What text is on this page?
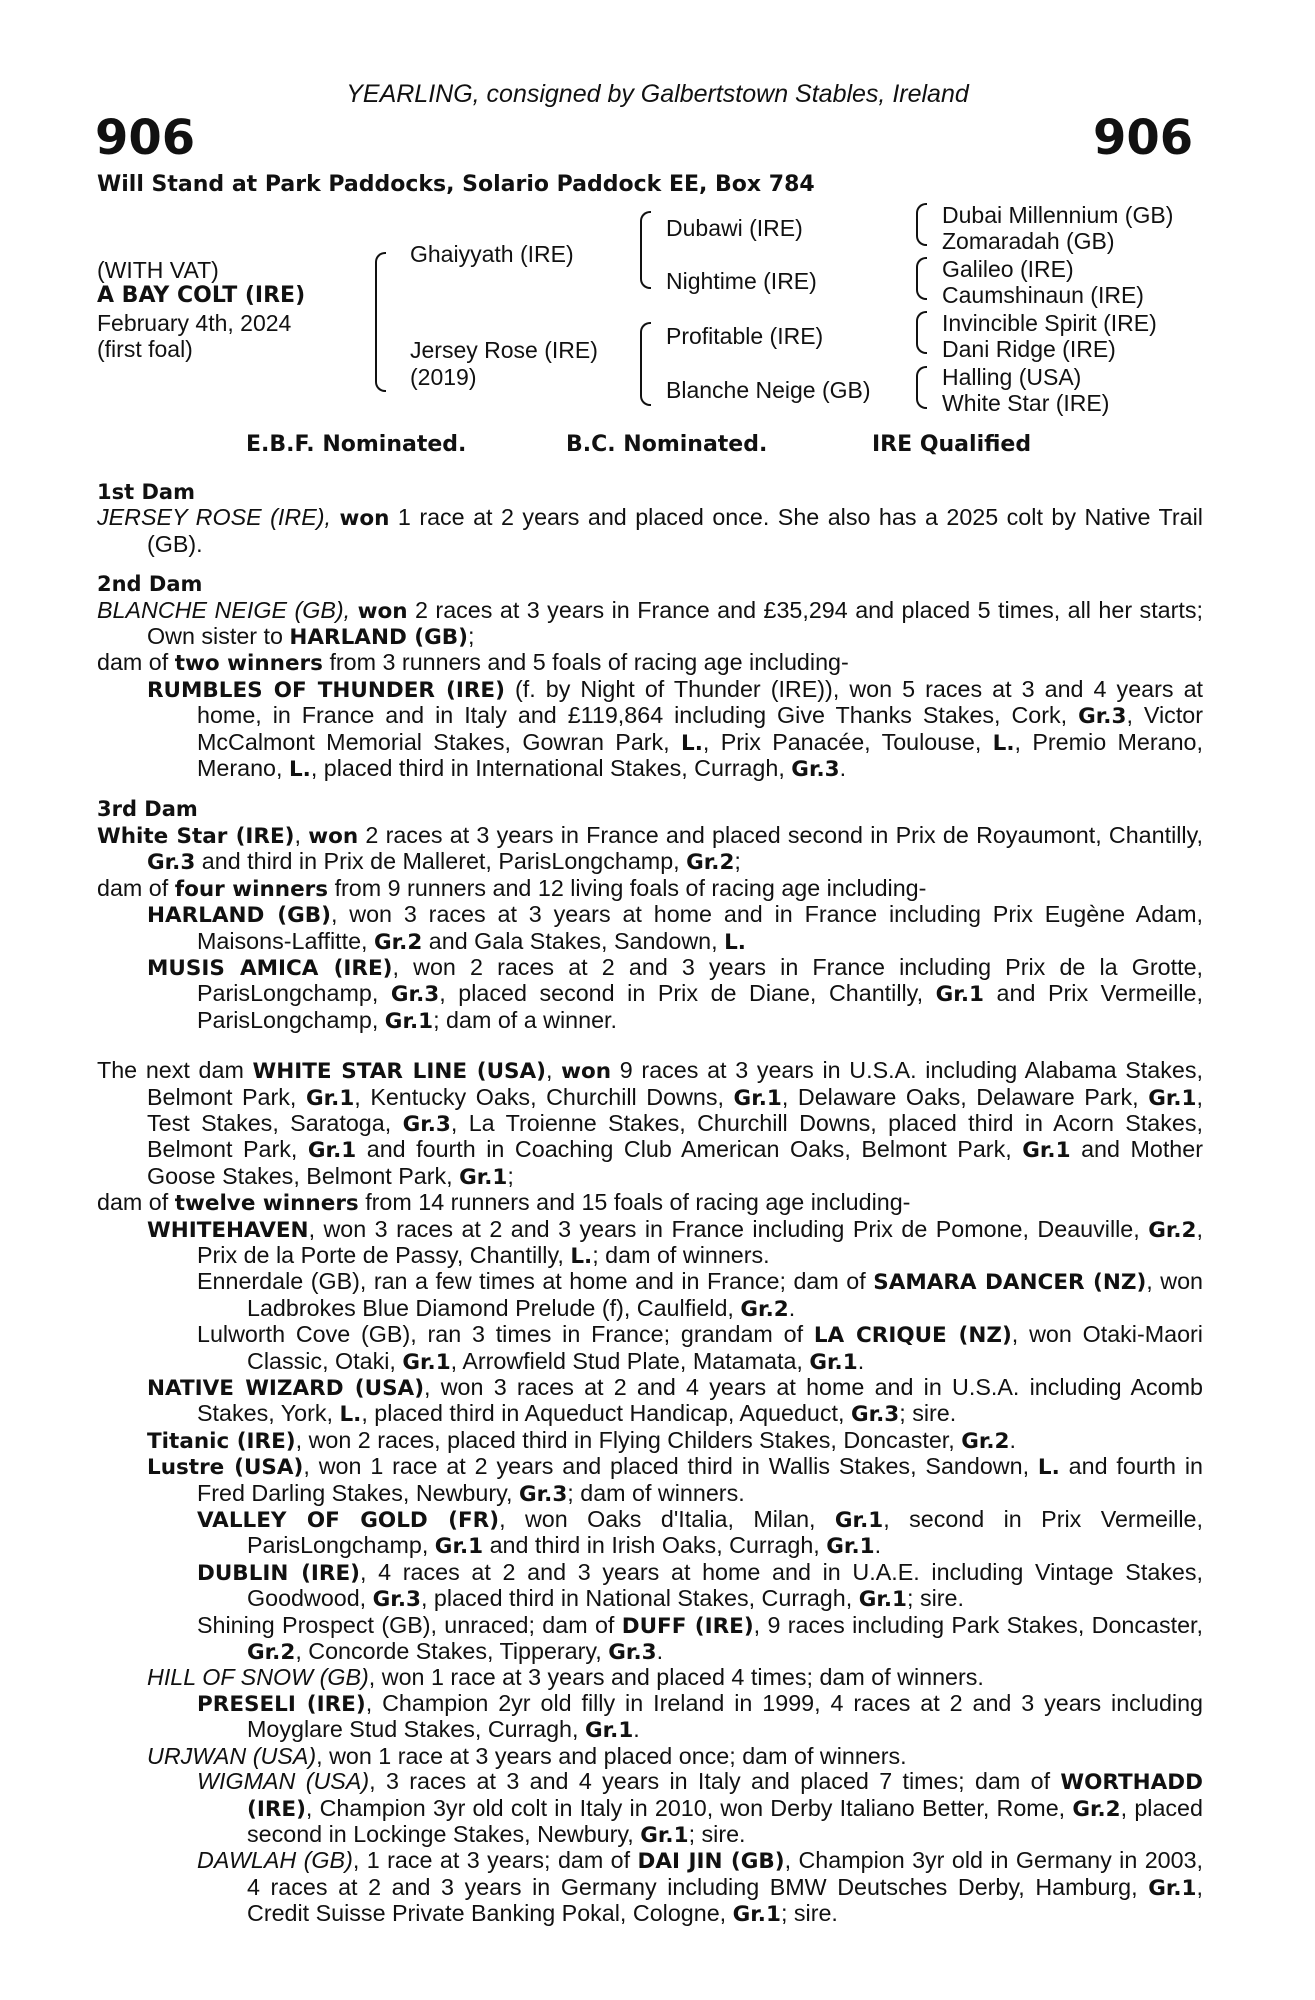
YEARLING, consigned by Galbertstown Stables, Ireland
906	906
Will Stand at Park Paddocks, Solario Paddock EE, Box 784
(WITH VAT)
A BAY COLT (IRE)
February 4th, 2024
(first foal)
Ghaiyyath (IRE)
Jersey Rose (IRE)
(2019)
Dubawi (IRE)
Nightime (IRE)
Profitable (IRE)
Blanche Neige (GB)
Dubai Millennium (GB)
Zomaradah (GB)
Galileo (IRE)
Caumshinaun (IRE)
Invincible Spirit (IRE)
Dani Ridge (IRE)
Halling (USA)
White Star (IRE)
E.B.F. Nominated.	B.C. Nominated.	IRE Qualified
1st Dam
JERSEY ROSE (IRE), won 1 race at 2 years and placed once. She also has a 2025 colt by Native Trail (GB).
2nd Dam
BLANCHE NEIGE (GB), won 2 races at 3 years in France and £35,294 and placed 5 times, all her starts; Own sister to HARLAND (GB);
dam of two winners from 3 runners and 5 foals of racing age including-
RUMBLES OF THUNDER (IRE) (f. by Night of Thunder (IRE)), won 5 races at 3 and 4 years at home, in France and in Italy and £119,864 including Give Thanks Stakes, Cork, Gr.3, Victor McCalmont Memorial Stakes, Gowran Park, L., Prix Panacée, Toulouse, L., Premio Merano, Merano, L., placed third in International Stakes, Curragh, Gr.3.
3rd Dam
White Star (IRE), won 2 races at 3 years in France and placed second in Prix de Royaumont, Chantilly, Gr.3 and third in Prix de Malleret, ParisLongchamp, Gr.2;
dam of four winners from 9 runners and 12 living foals of racing age including-
HARLAND (GB), won 3 races at 3 years at home and in France including Prix Eugène Adam, Maisons-Laffitte, Gr.2 and Gala Stakes, Sandown, L.
MUSIS AMICA (IRE), won 2 races at 2 and 3 years in France including Prix de la Grotte, ParisLongchamp, Gr.3, placed second in Prix de Diane, Chantilly, Gr.1 and Prix Vermeille, ParisLongchamp, Gr.1; dam of a winner.
The next dam WHITE STAR LINE (USA), won 9 races at 3 years in U.S.A. including Alabama Stakes, Belmont Park, Gr.1, Kentucky Oaks, Churchill Downs, Gr.1, Delaware Oaks, Delaware Park, Gr.1, Test Stakes, Saratoga, Gr.3, La Troienne Stakes, Churchill Downs, placed third in Acorn Stakes, Belmont Park, Gr.1 and fourth in Coaching Club American Oaks, Belmont Park, Gr.1 and Mother Goose Stakes, Belmont Park, Gr.1;
dam of twelve winners from 14 runners and 15 foals of racing age including-
WHITEHAVEN, won 3 races at 2 and 3 years in France including Prix de Pomone, Deauville, Gr.2, Prix de la Porte de Passy, Chantilly, L.; dam of winners.
Ennerdale (GB), ran a few times at home and in France; dam of SAMARA DANCER (NZ), won Ladbrokes Blue Diamond Prelude (f), Caulfield, Gr.2.
Lulworth Cove (GB), ran 3 times in France; grandam of LA CRIQUE (NZ), won Otaki-Maori Classic, Otaki, Gr.1, Arrowfield Stud Plate, Matamata, Gr.1.
NATIVE WIZARD (USA), won 3 races at 2 and 4 years at home and in U.S.A. including Acomb Stakes, York, L., placed third in Aqueduct Handicap, Aqueduct, Gr.3; sire.
Titanic (IRE), won 2 races, placed third in Flying Childers Stakes, Doncaster, Gr.2.
Lustre (USA), won 1 race at 2 years and placed third in Wallis Stakes, Sandown, L. and fourth in Fred Darling Stakes, Newbury, Gr.3; dam of winners.
VALLEY OF GOLD (FR), won Oaks d'Italia, Milan, Gr.1, second in Prix Vermeille, ParisLongchamp, Gr.1 and third in Irish Oaks, Curragh, Gr.1.
DUBLIN (IRE), 4 races at 2 and 3 years at home and in U.A.E. including Vintage Stakes, Goodwood, Gr.3, placed third in National Stakes, Curragh, Gr.1; sire.
Shining Prospect (GB), unraced; dam of DUFF (IRE), 9 races including Park Stakes, Doncaster, Gr.2, Concorde Stakes, Tipperary, Gr.3.
HILL OF SNOW (GB), won 1 race at 3 years and placed 4 times; dam of winners.
PRESELI (IRE), Champion 2yr old filly in Ireland in 1999, 4 races at 2 and 3 years including Moyglare Stud Stakes, Curragh, Gr.1.
URJWAN (USA), won 1 race at 3 years and placed once; dam of winners.
WIGMAN (USA), 3 races at 3 and 4 years in Italy and placed 7 times; dam of WORTHADD (IRE), Champion 3yr old colt in Italy in 2010, won Derby Italiano Better, Rome, Gr.2, placed second in Lockinge Stakes, Newbury, Gr.1; sire.
DAWLAH (GB), 1 race at 3 years; dam of DAI JIN (GB), Champion 3yr old in Germany in 2003, 4 races at 2 and 3 years in Germany including BMW Deutsches Derby, Hamburg, Gr.1, Credit Suisse Private Banking Pokal, Cologne, Gr.1; sire.
